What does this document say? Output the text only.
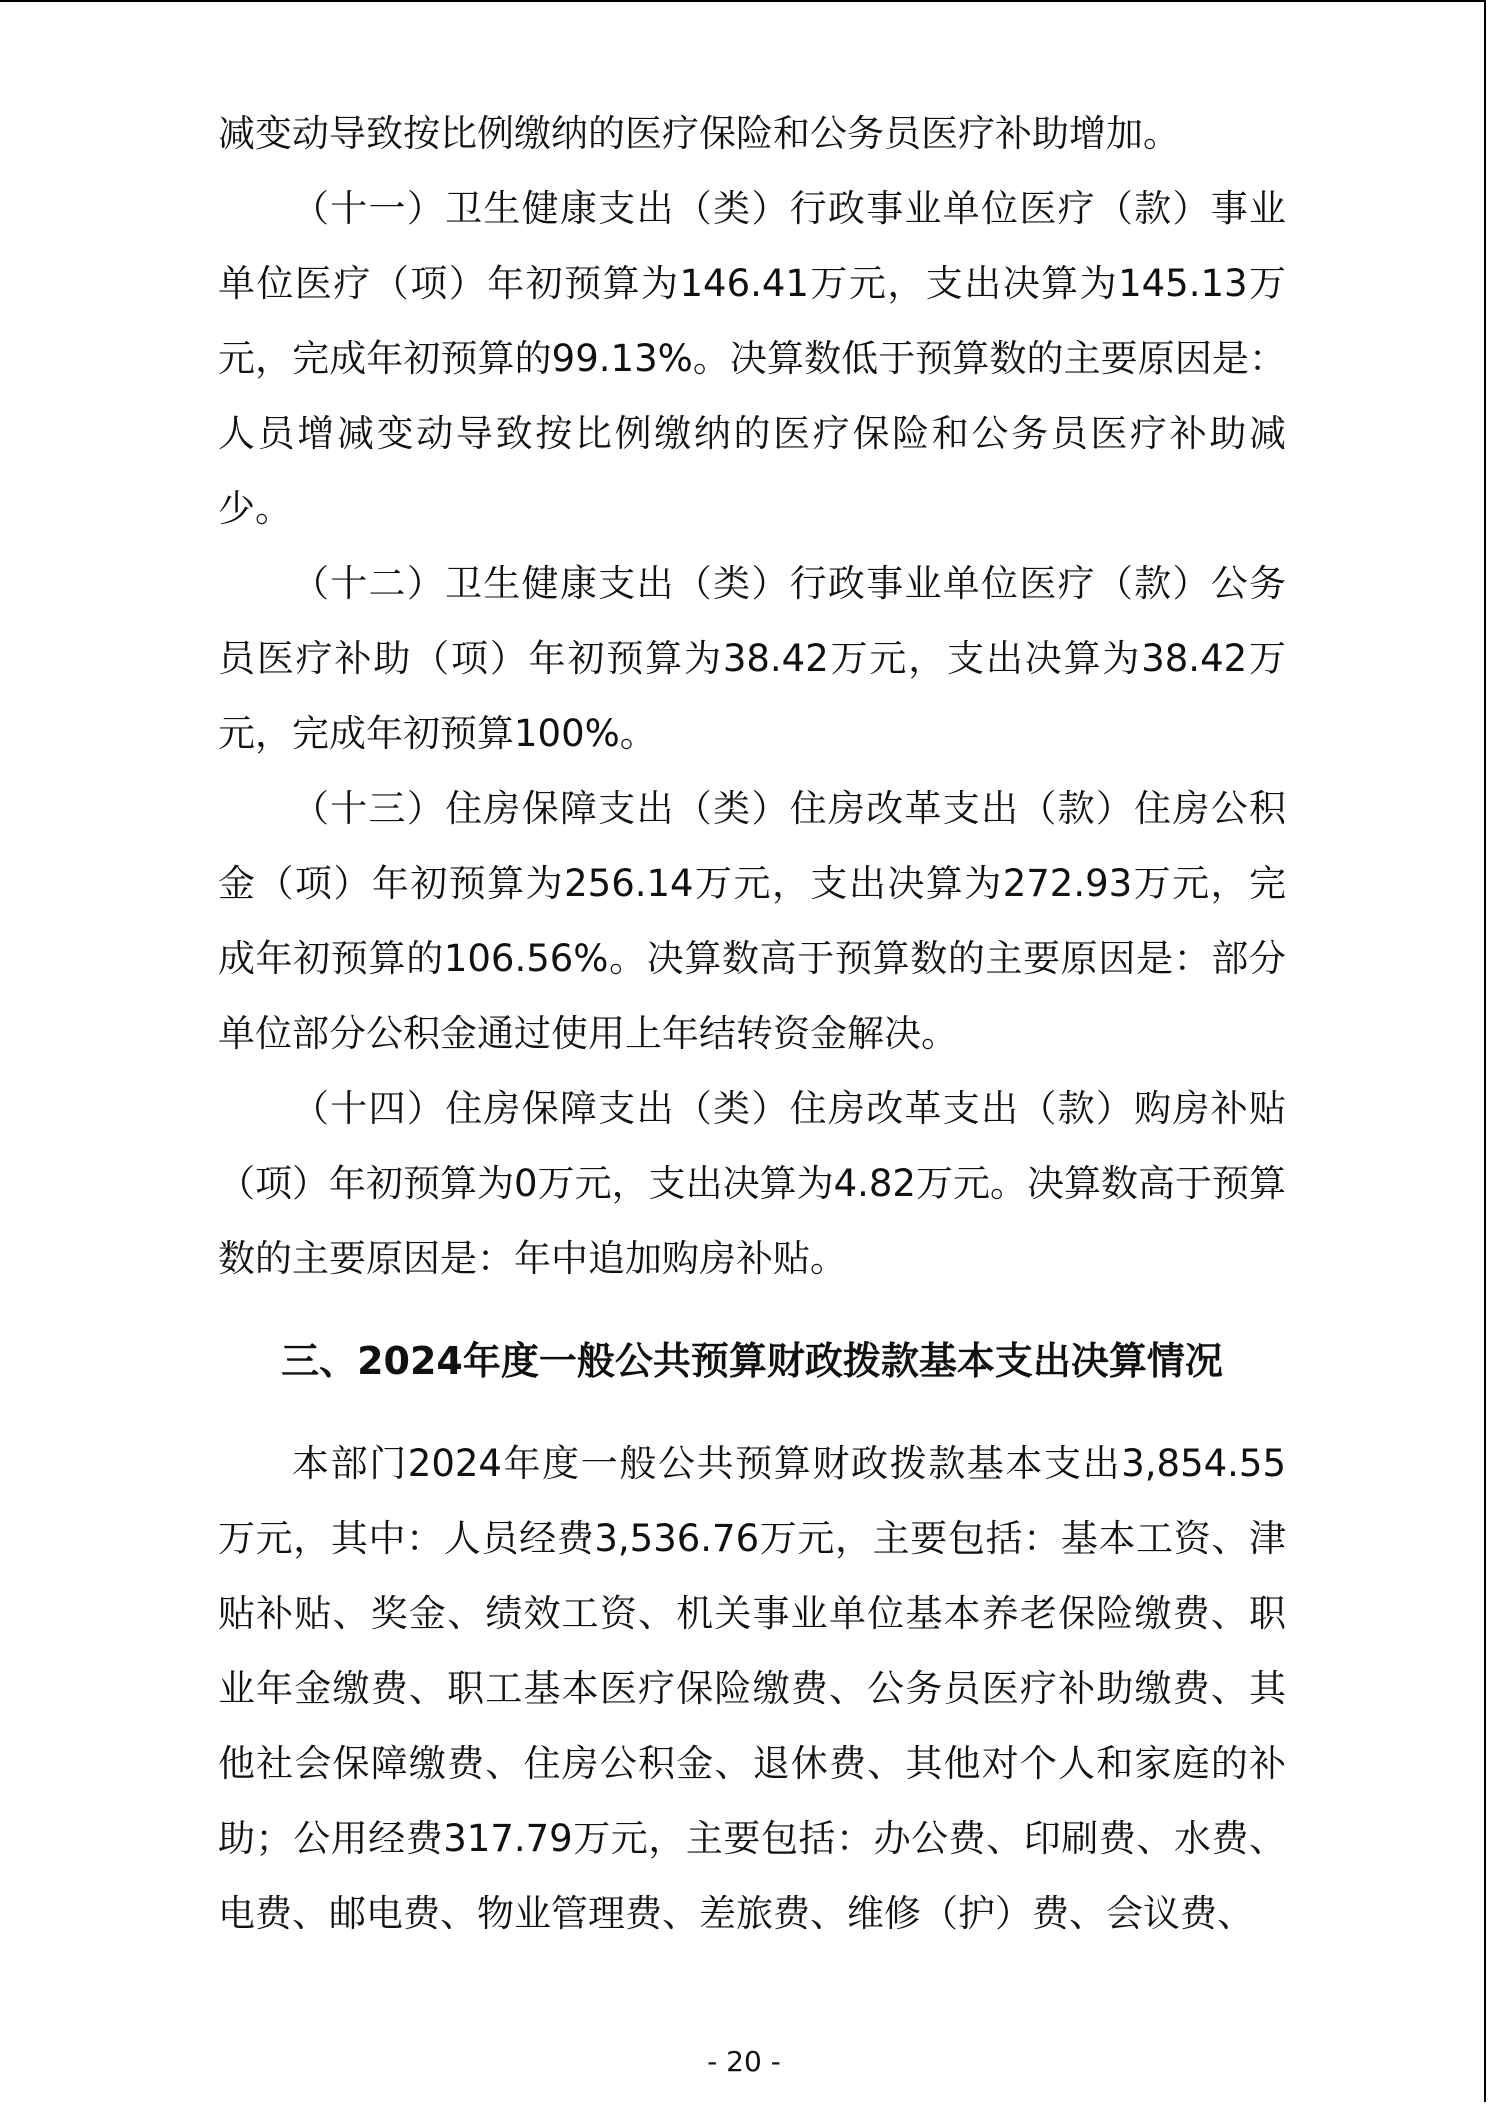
减变动导致按比例缴纳的医疗保险和公务员医疗补助增加。

（十一）卫生健康支出（类）行政事业单位医疗（款）事业单位医疗（项）年初预算为146.41万元，支出决算为145.13万元，完成年初预算的99.13%。决算数低于预算数的主要原因是：人员增减变动导致按比例缴纳的医疗保险和公务员医疗补助减少。

（十二）卫生健康支出（类）行政事业单位医疗（款）公务员医疗补助（项）年初预算为38.42万元，支出决算为38.42万元，完成年初预算100%。

（十三）住房保障支出（类）住房改革支出（款）住房公积金（项）年初预算为256.14万元，支出决算为272.93万元，完成年初预算的106.56%。决算数高于预算数的主要原因是：部分单位部分公积金通过使用上年结转资金解决。

（十四）住房保障支出（类）住房改革支出（款）购房补贴（项）年初预算为0万元，支出决算为4.82万元。决算数高于预算数的主要原因是：年中追加购房补贴。

三、2024年度一般公共预算财政拨款基本支出决算情况

本部门2024年度一般公共预算财政拨款基本支出3,854.55万元，其中：人员经费3,536.76万元，主要包括：基本工资、津贴补贴、奖金、绩效工资、机关事业单位基本养老保险缴费、职业年金缴费、职工基本医疗保险缴费、公务员医疗补助缴费、其他社会保障缴费、住房公积金、退休费、其他对个人和家庭的补助；公用经费317.79万元，主要包括：办公费、印刷费、水费、电费、邮电费、物业管理费、差旅费、维修（护）费、会议费、

- 20 -
